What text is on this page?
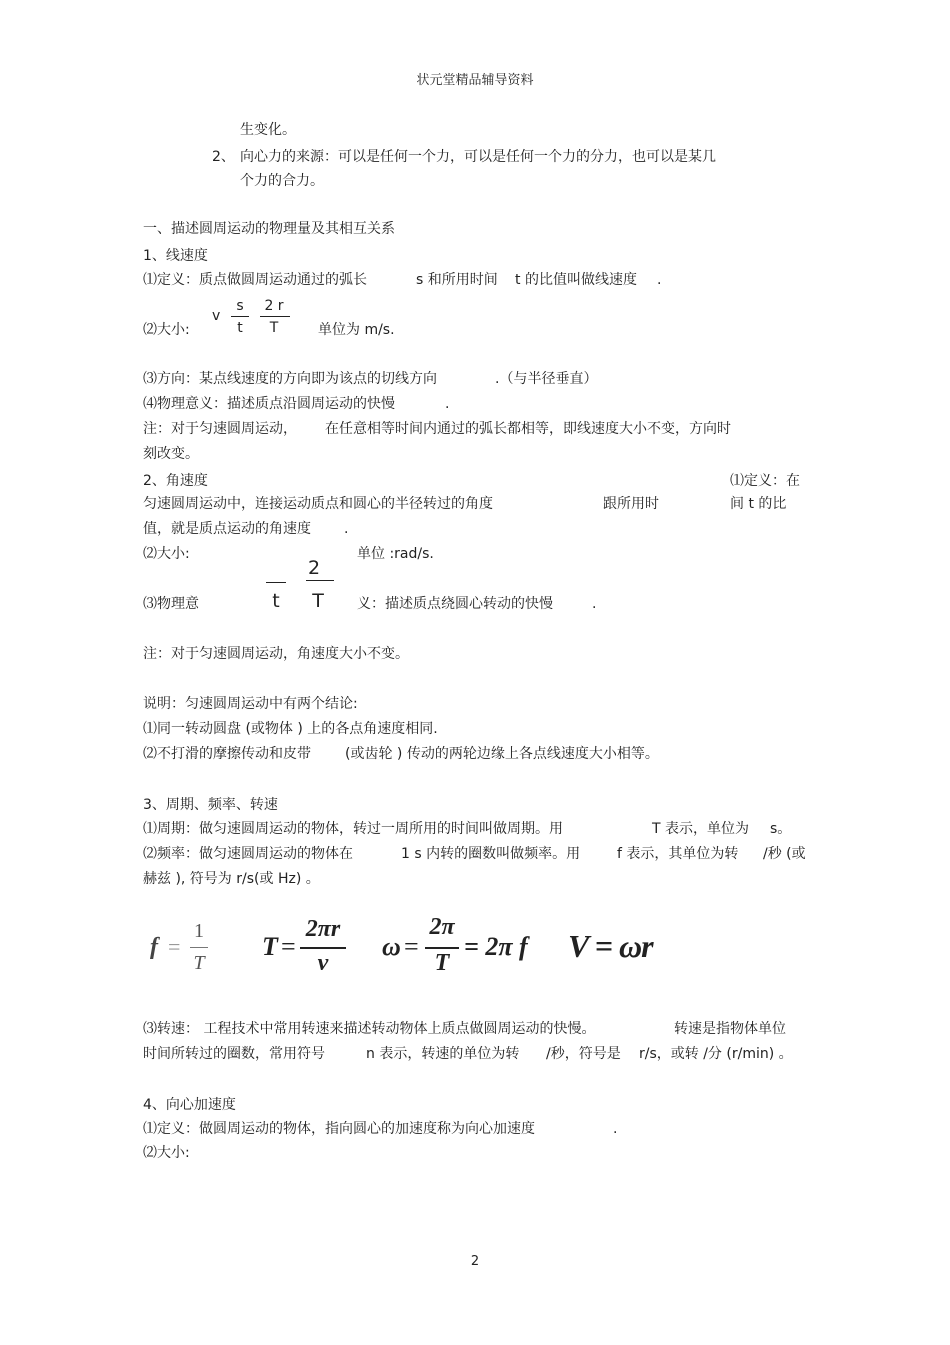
状元堂精品辅导资料
生变化。
2、 向心力的来源：可以是任何一个力，可以是任何一个力的分力，也可以是某几
个力的合力。
一、描述圆周运动的物理量及其相互关系
1、线速度
⑴定义：质点做圆周运动通过的弧长	s 和所用时间 t 的比值叫做线速度 .
⑵大小:
v
s
t
2 r
T	单位为 m/s.
⑶方向：某点线速度的方向即为该点的切线方向	.（与半径垂直）
⑷物理意义：描述质点沿圆周运动的快慢	.
注：对于匀速圆周运动， 在任意相等时间内通过的弧长都相等，即线速度大小不变，方向时
刻改变。
2、角速度	⑴定义：在
匀速圆周运动中，连接运动质点和圆心的半径转过的角度	跟所用时	间 t 的比
值，就是质点运动的角速度 .
⑵大小:	单位 :rad/s.
t
2
T
⑶物理意	义：描述质点绕圆心转动的快慢	.
注：对于匀速圆周运动，角速度大小不变。
说明：匀速圆周运动中有两个结论:
⑴同一转动圆盘 (或物体 ) 上的各点角速度相同.
⑵不打滑的摩擦传动和皮带 (或齿轮 ) 传动的两轮边缘上各点线速度大小相等。
3、周期、频率、转速
⑴周期：做匀速圆周运动的物体，转过一周所用的时间叫做周期。用	T 表示，单位为 s。
⑵频率：做匀速圆周运动的物体在	1 s 内转的圈数叫做频率。用	f 表示，其单位为转 /秒 (或
赫兹 ), 符号为 r/s(或 Hz) 。
f =
1
T
T =
2πr
v
ω =
2π
T
= 2π f V = ωr
⑶转速： 工程技术中常用转速来描述转动物体上质点做圆周运动的快慢。	转速是指物体单位
时间所转过的圈数，常用符号	n 表示，转速的单位为转 /秒，符号是 r/s，或转 /分 (r/min) 。
4、向心加速度
⑴定义：做圆周运动的物体，指向圆心的加速度称为向心加速度	.
⑵大小:
2
